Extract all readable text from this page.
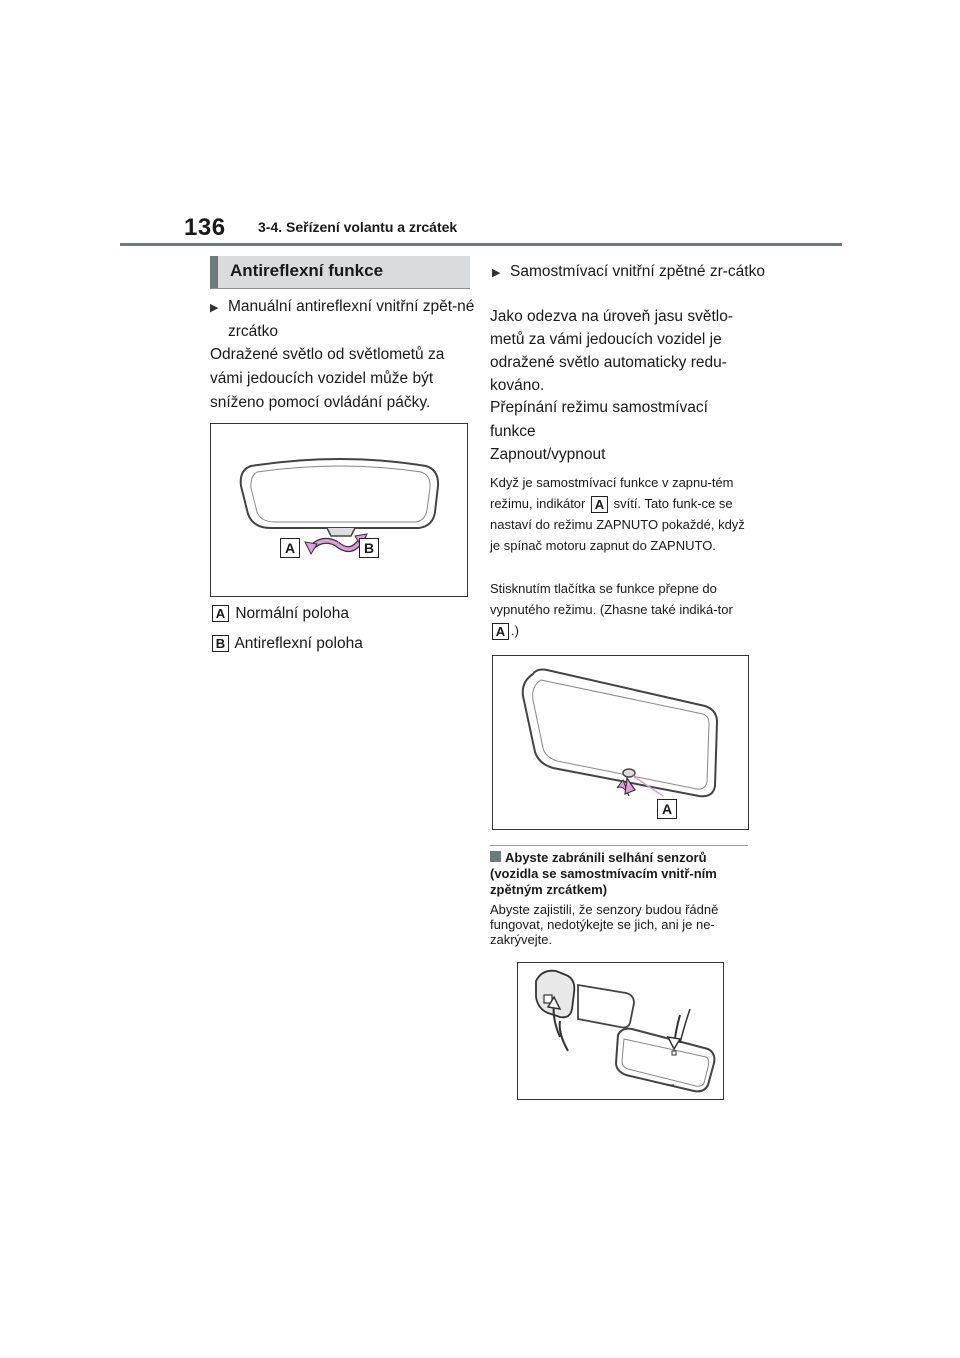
136 3-4. Seřízení volantu a zrcátek
Antireflexní funkce
▶ Manuální antireflexní vnitřní zpět-né zrcátko
Odražené světlo od světlometů za vámi jedoucích vozidel může být sníženo pomocí ovládání páčky.
A	B
A Normální poloha
B Antireflexní poloha
▶ Samostmívací vnitřní zpětné zr-cátko
Jako odezva na úroveň jasu světlo-metů za vámi jedoucích vozidel je odražené světlo automaticky redu-kováno.
Přepínání režimu samostmívací funkce
Zapnout/vypnout
Když je samostmívací funkce v zapnu-tém režimu, indikátor A svítí. Tato funk-ce se nastaví do režimu ZAPNUTO pokaždé, když je spínač motoru zapnut do ZAPNUTO.
Stisknutím tlačítka se funkce přepne do vypnutého režimu. (Zhasne také indiká-tor A .)
A
Abyste zabránili selhání senzorů (vozidla se samostmívacím vnitř-ním zpětným zrcátkem)
Abyste zajistili, že senzory budou řádně fungovat, nedotýkejte se jich, ani je ne-zakrývejte.
